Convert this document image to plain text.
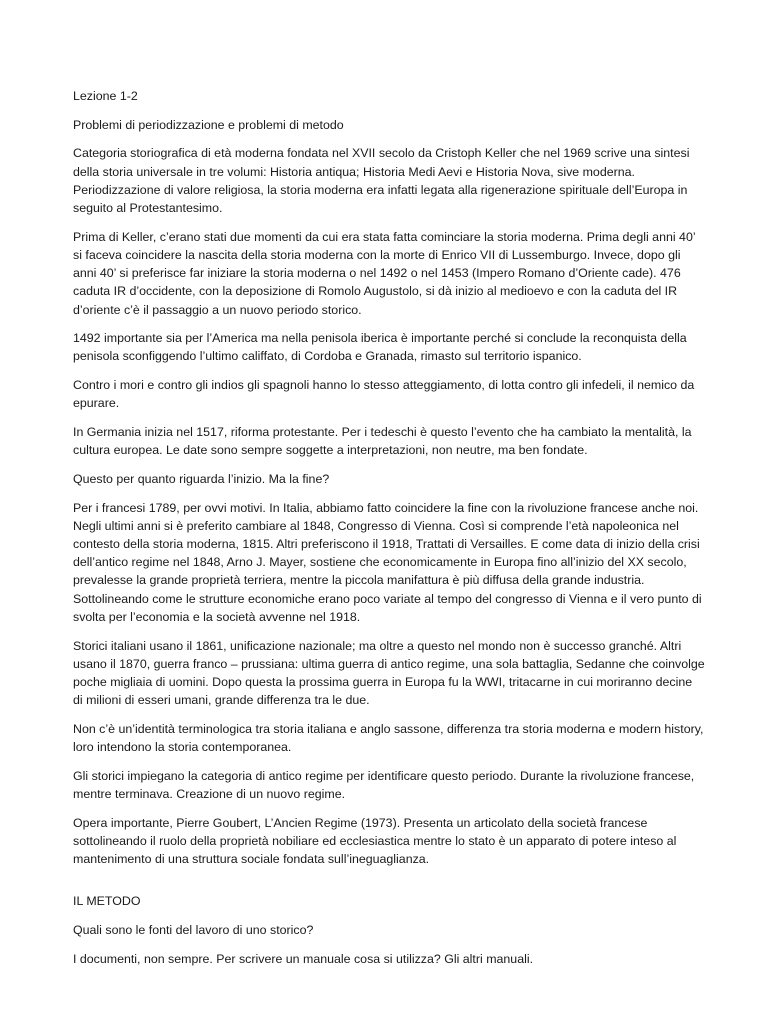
Lezione 1-2

Problemi di periodizzazione e problemi di metodo

Categoria storiografica di età moderna fondata nel XVII secolo da Cristoph Keller che nel 1969 scrive una sintesi della storia universale in tre volumi: Historia antiqua; Historia Medi Aevi e Historia Nova, sive moderna. Periodizzazione di valore religiosa, la storia moderna era infatti legata alla rigenerazione spirituale dell’Europa in seguito al Protestantesimo.

Prima di Keller, c’erano stati due momenti da cui era stata fatta cominciare la storia moderna. Prima degli anni 40’ si faceva coincidere la nascita della storia moderna con la morte di Enrico VII di Lussemburgo. Invece, dopo gli anni 40’ si preferisce far iniziare la storia moderna o nel 1492 o nel 1453 (Impero Romano d’Oriente cade). 476 caduta IR d’occidente, con la deposizione di Romolo Augustolo, si dà inizio al medioevo e con la caduta del IR d’oriente c’è il passaggio a un nuovo periodo storico.

1492 importante sia per l’America ma nella penisola iberica è importante perché si conclude la reconquista della penisola sconfiggendo l’ultimo califfato, di Cordoba e Granada, rimasto sul territorio ispanico.

Contro i mori e contro gli indios gli spagnoli hanno lo stesso atteggiamento, di lotta contro gli infedeli, il nemico da epurare.

In Germania inizia nel 1517, riforma protestante. Per i tedeschi è questo l’evento che ha cambiato la mentalità, la cultura europea. Le date sono sempre soggette a interpretazioni, non neutre, ma ben fondate.

Questo per quanto riguarda l’inizio. Ma la fine?

Per i francesi 1789, per ovvi motivi. In Italia, abbiamo fatto coincidere la fine con la rivoluzione francese anche noi. Negli ultimi anni si è preferito cambiare al 1848, Congresso di Vienna. Così si comprende l’età napoleonica nel contesto della storia moderna, 1815. Altri preferiscono il 1918, Trattati di Versailles. E come data di inizio della crisi dell’antico regime nel 1848, Arno J. Mayer, sostiene che economicamente in Europa fino all’inizio del XX secolo, prevalesse la grande proprietà terriera, mentre la piccola manifattura è più diffusa della grande industria. Sottolineando come le strutture economiche erano poco variate al tempo del congresso di Vienna e il vero punto di svolta per l’economia e la società avvenne nel 1918.

Storici italiani usano il 1861, unificazione nazionale; ma oltre a questo nel mondo non è successo granché. Altri usano il 1870, guerra franco – prussiana: ultima guerra di antico regime, una sola battaglia, Sedanne che coinvolge poche migliaia di uomini. Dopo questa la prossima guerra in Europa fu la WWI, tritacarne in cui moriranno decine di milioni di esseri umani, grande differenza tra le due.

Non c’è un’identità terminologica tra storia italiana e anglo sassone, differenza tra storia moderna e modern history, loro intendono la storia contemporanea.

Gli storici impiegano la categoria di antico regime per identificare questo periodo. Durante la rivoluzione francese, mentre terminava. Creazione di un nuovo regime.

Opera importante, Pierre Goubert, L’Ancien Regime (1973). Presenta un articolato della società francese sottolineando il ruolo della proprietà nobiliare ed ecclesiastica mentre lo stato è un apparato di potere inteso al mantenimento di una struttura sociale fondata sull’ineguaglianza.

IL METODO

Quali sono le fonti del lavoro di uno storico?

I documenti, non sempre. Per scrivere un manuale cosa si utilizza? Gli altri manuali.
